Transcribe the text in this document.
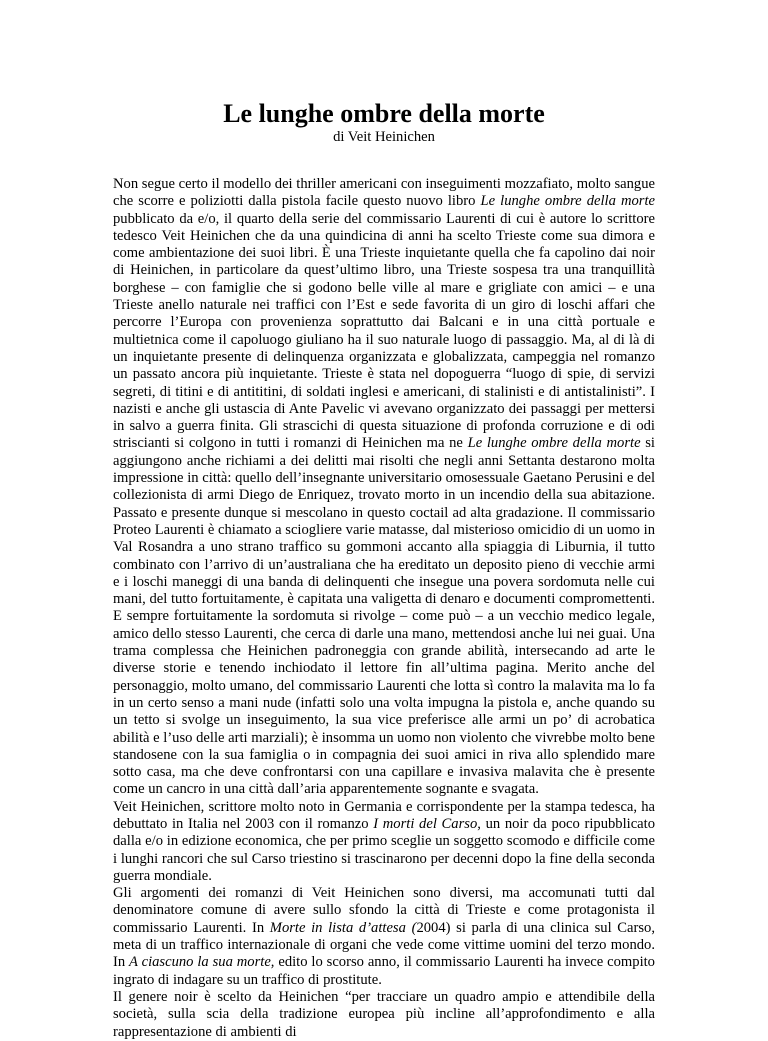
Le lunghe ombre della morte
di Veit Heinichen

Non segue certo il modello dei thriller americani con inseguimenti mozzafiato, molto sangue che scorre e poliziotti dalla pistola facile questo nuovo libro Le lunghe ombre della morte pubblicato da e/o, il quarto della serie del commissario Laurenti di cui è autore lo scrittore tedesco Veit Heinichen che da una quindicina di anni ha scelto Trieste come sua dimora e come ambientazione dei suoi libri. È una Trieste inquietante quella che fa capolino dai noir di Heinichen, in particolare da quest’ultimo libro, una Trieste sospesa tra una tranquillità borghese – con famiglie che si godono belle ville al mare e grigliate con amici – e una Trieste anello naturale nei traffici con l’Est e sede favorita di un giro di loschi affari che percorre l’Europa con provenienza soprattutto dai Balcani e in una città portuale e multietnica come il capoluogo giuliano ha il suo naturale luogo di passaggio. Ma, al di là di un inquietante presente di delinquenza organizzata e globalizzata, campeggia nel romanzo un passato ancora più inquietante. Trieste è stata nel dopoguerra “luogo di spie, di servizi segreti, di titini e di antititini, di soldati inglesi e americani, di stalinisti e di antistalinisti”. I nazisti e anche gli ustascia di Ante Pavelic vi avevano organizzato dei passaggi per mettersi in salvo a guerra finita. Gli strascichi di questa situazione di profonda corruzione e di odi striscianti si colgono in tutti i romanzi di Heinichen ma ne Le lunghe ombre della morte si aggiungono anche richiami a dei delitti mai risolti che negli anni Settanta destarono molta impressione in città: quello dell’insegnante universitario omosessuale Gaetano Perusini e del collezionista di armi Diego de Enriquez, trovato morto in un incendio della sua abitazione. Passato e presente dunque si mescolano in questo coctail ad alta gradazione. Il commissario Proteo Laurenti è chiamato a sciogliere varie matasse, dal misterioso omicidio di un uomo in Val Rosandra a uno strano traffico su gommoni accanto alla spiaggia di Liburnia, il tutto combinato con l’arrivo di un’australiana che ha ereditato un deposito pieno di vecchie armi e i loschi maneggi di una banda di delinquenti che insegue una povera sordomuta nelle cui mani, del tutto fortuitamente, è capitata una valigetta di denaro e documenti compromettenti. E sempre fortuitamente la sordomuta si rivolge – come può – a un vecchio medico legale, amico dello stesso Laurenti, che cerca di darle una mano, mettendosi anche lui nei guai. Una trama complessa che Heinichen padroneggia con grande abilità, intersecando ad arte le diverse storie e tenendo inchiodato il lettore fin all’ultima pagina. Merito anche del personaggio, molto umano, del commissario Laurenti che lotta sì contro la malavita ma lo fa in un certo senso a mani nude (infatti solo una volta impugna la pistola e, anche quando su un tetto si svolge un inseguimento, la sua vice preferisce alle armi un po’ di acrobatica abilità e l’uso delle arti marziali); è insomma un uomo non violento che vivrebbe molto bene standosene con la sua famiglia o in compagnia dei suoi amici in riva allo splendido mare sotto casa, ma che deve confrontarsi con una capillare e invasiva malavita che è presente come un cancro in una città dall’aria apparentemente sognante e svagata.

Veit Heinichen, scrittore molto noto in Germania e corrispondente per la stampa tedesca, ha debuttato in Italia nel 2003 con il romanzo I morti del Carso, un noir da poco ripubblicato dalla e/o in edizione economica, che per primo sceglie un soggetto scomodo e difficile come i lunghi rancori che sul Carso triestino si trascinarono per decenni dopo la fine della seconda guerra mondiale.

Gli argomenti dei romanzi di Veit Heinichen sono diversi, ma accomunati tutti dal denominatore comune di avere sullo sfondo la città di Trieste e come protagonista il commissario Laurenti. In Morte in lista d’attesa (2004) si parla di una clinica sul Carso, meta di un traffico internazionale di organi che vede come vittime uomini del terzo mondo. In A ciascuno la sua morte, edito lo scorso anno, il commissario Laurenti ha invece compito ingrato di indagare su un traffico di prostitute.

Il genere noir è scelto da Heinichen “per tracciare un quadro ampio e attendibile della società, sulla scia della tradizione europea più incline all’approfondimento e alla rappresentazione di ambienti di
